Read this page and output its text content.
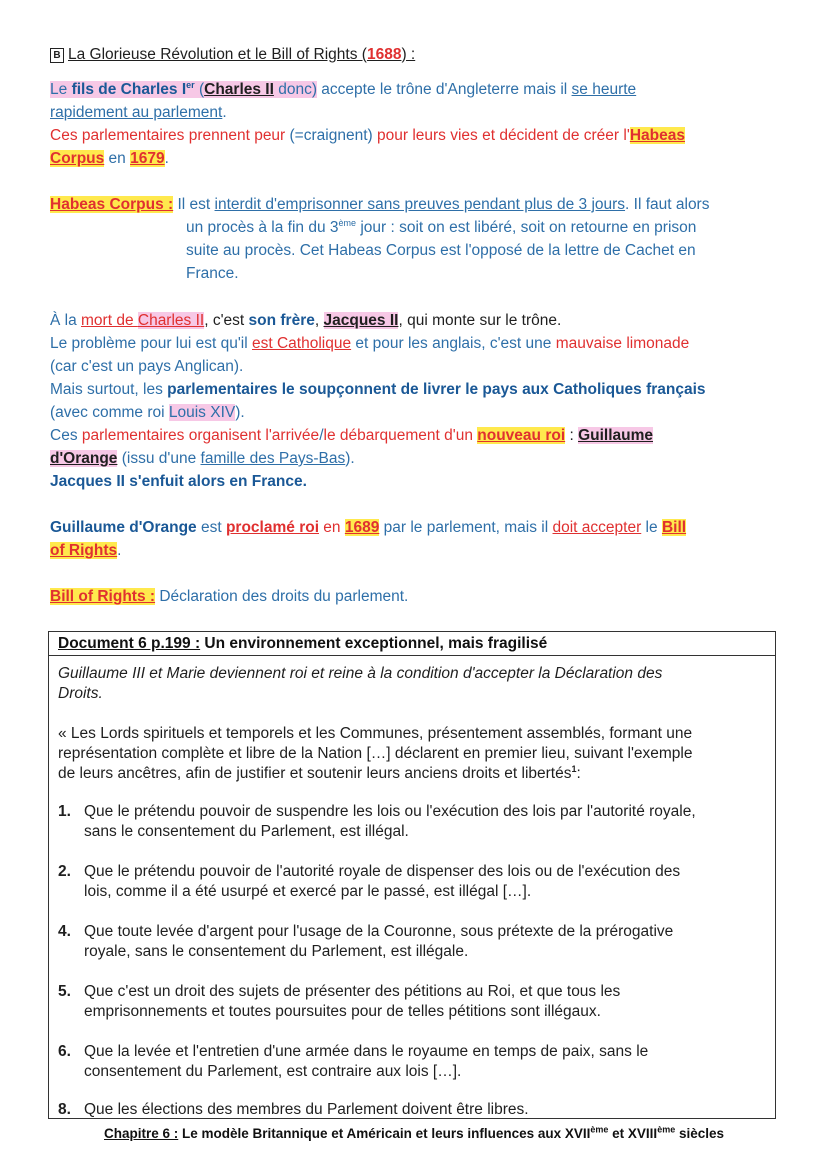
B La Glorieuse Révolution et le Bill of Rights (1688) :
Le fils de Charles Ier (Charles II donc) accepte le trône d'Angleterre mais il se heurte
rapidement au parlement.
Ces parlementaires prennent peur (=craignent) pour leurs vies et décident de créer l'Habeas
Corpus en 1679.
Habeas Corpus : Il est interdit d'emprisonner sans preuves pendant plus de 3 jours. Il faut alors
un procès à la fin du 3ème jour : soit on est libéré, soit on retourne en prison
suite au procès. Cet Habeas Corpus est l'opposé de la lettre de Cachet en
France.
À la mort de Charles II, c'est son frère, Jacques II, qui monte sur le trône.
Le problème pour lui est qu'il est Catholique et pour les anglais, c'est une mauvaise limonade
(car c'est un pays Anglican).
Mais surtout, les parlementaires le soupçonnent de livrer le pays aux Catholiques français
(avec comme roi Louis XIV).
Ces parlementaires organisent l'arrivée/le débarquement d'un nouveau roi : Guillaume
d'Orange (issu d'une famille des Pays-Bas).
Jacques II s'enfuit alors en France.
Guillaume d'Orange est proclamé roi en 1689 par le parlement, mais il doit accepter le Bill
of Rights.
Bill of Rights : Déclaration des droits du parlement.
Document 6 p.199 : Un environnement exceptionnel, mais fragilisé
Guillaume III et Marie deviennent roi et reine à la condition d'accepter la Déclaration des
Droits.
« Les Lords spirituels et temporels et les Communes, présentement assemblés, formant une
représentation complète et libre de la Nation […] déclarent en premier lieu, suivant l'exemple
de leurs ancêtres, afin de justifier et soutenir leurs anciens droits et libertés$^1$:
1. Que le prétendu pouvoir de suspendre les lois ou l'exécution des lois par l'autorité royale,
sans le consentement du Parlement, est illégal.
2. Que le prétendu pouvoir de l'autorité royale de dispenser des lois ou de l'exécution des
lois, comme il a été usurpé et exercé par le passé, est illégal […].
4. Que toute levée d'argent pour l'usage de la Couronne, sous prétexte de la prérogative
royale, sans le consentement du Parlement, est illégale.
5. Que c'est un droit des sujets de présenter des pétitions au Roi, et que tous les
emprisonnements et toutes poursuites pour de telles pétitions sont illégaux.
6. Que la levée et l'entretien d'une armée dans le royaume en temps de paix, sans le
consentement du Parlement, est contraire aux lois […].
8. Que les élections des membres du Parlement doivent être libres.
Chapitre 6 : Le modèle Britannique et Américain et leurs influences aux XVIIème et XVIIIème siècles
